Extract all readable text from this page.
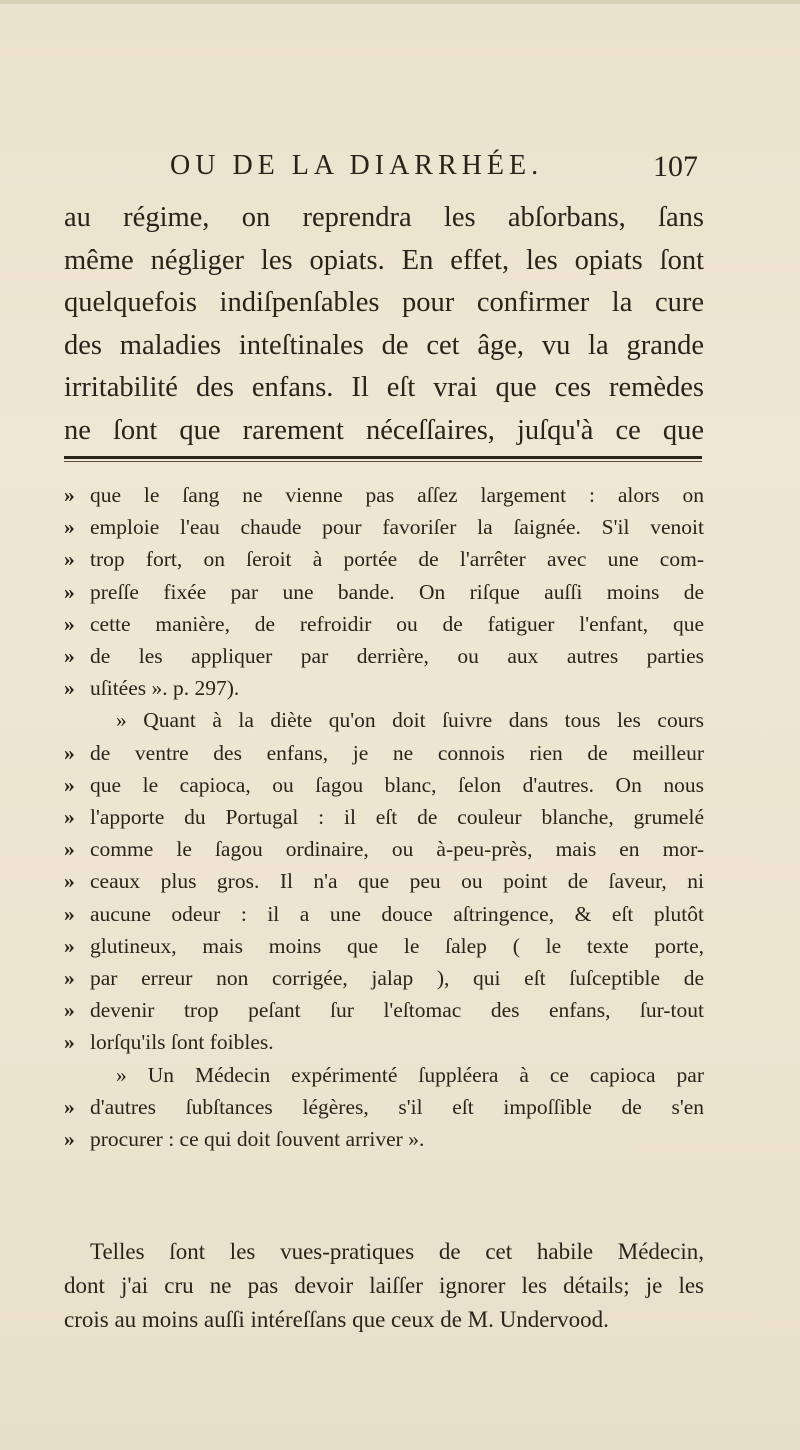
OU DE LA DIARRHÉE.	107
au régime, on reprendra les abſorbans, ſans
même négliger les opiats. En effet, les opiats ſont
quelquefois indiſpenſables pour confirmer la cure
des maladies inteſtinales de cet âge, vu la grande
irritabilité des enfans. Il eſt vrai que ces remèdes
ne ſont que rarement néceſſaires, juſqu'à ce que
» que le ſang ne vienne pas aſſez largement : alors on
» emploie l'eau chaude pour favoriſer la ſaignée. S'il venoit
» trop fort, on ſeroit à portée de l'arrêter avec une com-
» preſſe fixée par une bande. On riſque auſſi moins de
» cette manière, de refroidir ou de fatiguer l'enfant, que
» de les appliquer par derrière, ou aux autres parties
» uſitées ». p. 297).
» Quant à la diète qu'on doit ſuivre dans tous les cours
» de ventre des enfans, je ne connois rien de meilleur
» que le capioca, ou ſagou blanc, ſelon d'autres. On nous
» l'apporte du Portugal : il eſt de couleur blanche, grumelé
» comme le ſagou ordinaire, ou à-peu-près, mais en mor-
» ceaux plus gros. Il n'a que peu ou point de ſaveur, ni
» aucune odeur : il a une douce aſtringence, & eſt plutôt
» glutineux, mais moins que le ſalep ( le texte porte,
» par erreur non corrigée, jalap ), qui eſt ſuſceptible de
» devenir trop peſant ſur l'eſtomac des enfans, ſur-tout
» lorſqu'ils ſont foibles.
» Un Médecin expérimenté ſuppléera à ce capioca par
» d'autres ſubſtances légères, s'il eſt impoſſible de s'en
» procurer : ce qui doit ſouvent arriver ».
Telles ſont les vues-pratiques de cet habile Médecin,
dont j'ai cru ne pas devoir laiſſer ignorer les détails; je les
crois au moins auſſi intéreſſans que ceux de M. Undervood.
